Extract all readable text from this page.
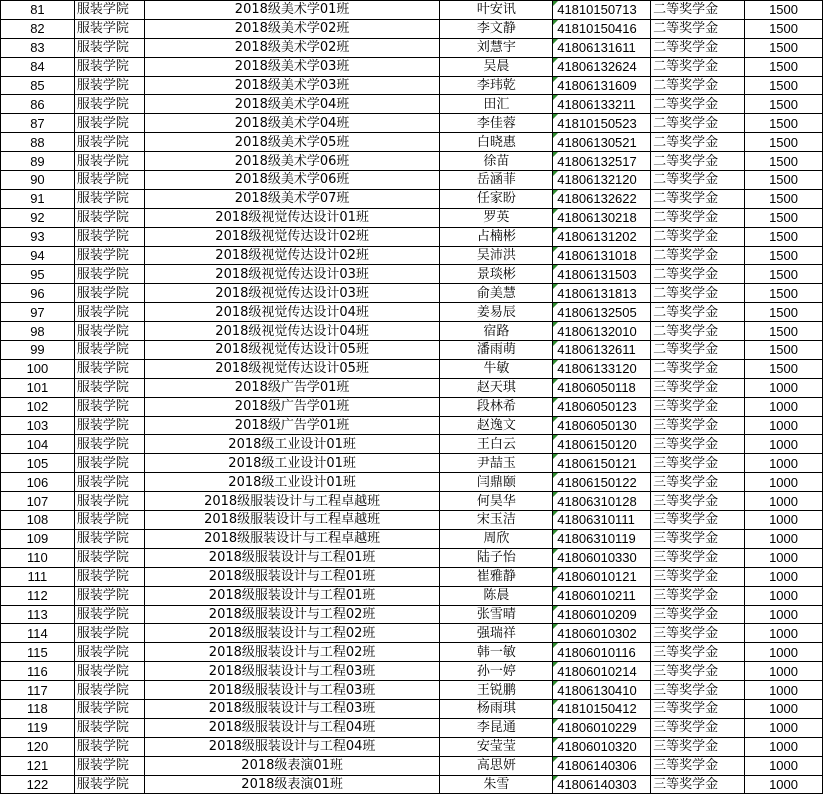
81	服装学院	2018级美术学01班	叶安讯	41810150713	二等奖学金	1500
82	服装学院	2018级美术学02班	李文静	41810150416	二等奖学金	1500
83	服装学院	2018级美术学02班	刘慧宇	41806131611	二等奖学金	1500
84	服装学院	2018级美术学03班	吴晨	41806132624	二等奖学金	1500
85	服装学院	2018级美术学03班	李玮乾	41806131609	二等奖学金	1500
86	服装学院	2018级美术学04班	田汇	41806133211	二等奖学金	1500
87	服装学院	2018级美术学04班	李佳蓉	41810150523	二等奖学金	1500
88	服装学院	2018级美术学05班	白晓惠	41806130521	二等奖学金	1500
89	服装学院	2018级美术学06班	徐苗	41806132517	二等奖学金	1500
90	服装学院	2018级美术学06班	岳涵菲	41806132120	二等奖学金	1500
91	服装学院	2018级美术学07班	任家盼	41806132622	二等奖学金	1500
92	服装学院	2018级视觉传达设计01班	罗英	41806130218	二等奖学金	1500
93	服装学院	2018级视觉传达设计02班	占楠彬	41806131202	二等奖学金	1500
94	服装学院	2018级视觉传达设计02班	吴沛洪	41806131018	二等奖学金	1500
95	服装学院	2018级视觉传达设计03班	景琰彬	41806131503	二等奖学金	1500
96	服装学院	2018级视觉传达设计03班	俞美慧	41806131813	二等奖学金	1500
97	服装学院	2018级视觉传达设计04班	姜易辰	41806132505	二等奖学金	1500
98	服装学院	2018级视觉传达设计04班	宿路	41806132010	二等奖学金	1500
99	服装学院	2018级视觉传达设计05班	潘雨萌	41806132611	二等奖学金	1500
100	服装学院	2018级视觉传达设计05班	牛敏	41806133120	二等奖学金	1500
101	服装学院	2018级广告学01班	赵天琪	41806050118	三等奖学金	1000
102	服装学院	2018级广告学01班	段林希	41806050123	三等奖学金	1000
103	服装学院	2018级广告学01班	赵逸文	41806050130	三等奖学金	1000
104	服装学院	2018级工业设计01班	王白云	41806150120	三等奖学金	1000
105	服装学院	2018级工业设计01班	尹喆玉	41806150121	三等奖学金	1000
106	服装学院	2018级工业设计01班	闫鼎颐	41806150122	三等奖学金	1000
107	服装学院	2018级服装设计与工程卓越班	何昊华	41806310128	三等奖学金	1000
108	服装学院	2018级服装设计与工程卓越班	宋玉洁	41806310111	三等奖学金	1000
109	服装学院	2018级服装设计与工程卓越班	周欣	41806310119	三等奖学金	1000
110	服装学院	2018级服装设计与工程01班	陆子怡	41806010330	三等奖学金	1000
111	服装学院	2018级服装设计与工程01班	崔雅静	41806010121	三等奖学金	1000
112	服装学院	2018级服装设计与工程01班	陈晨	41806010211	三等奖学金	1000
113	服装学院	2018级服装设计与工程02班	张雪晴	41806010209	三等奖学金	1000
114	服装学院	2018级服装设计与工程02班	强瑞祥	41806010302	三等奖学金	1000
115	服装学院	2018级服装设计与工程02班	韩一敏	41806010116	三等奖学金	1000
116	服装学院	2018级服装设计与工程03班	孙一婷	41806010214	三等奖学金	1000
117	服装学院	2018级服装设计与工程03班	王锐鹏	41806130410	三等奖学金	1000
118	服装学院	2018级服装设计与工程03班	杨雨琪	41810150412	三等奖学金	1000
119	服装学院	2018级服装设计与工程04班	李昆通	41806010229	三等奖学金	1000
120	服装学院	2018级服装设计与工程04班	安莹莹	41806010320	三等奖学金	1000
121	服装学院	2018级表演01班	高思妍	41806140306	三等奖学金	1000
122	服装学院	2018级表演01班	朱雪	41806140303	三等奖学金	1000
